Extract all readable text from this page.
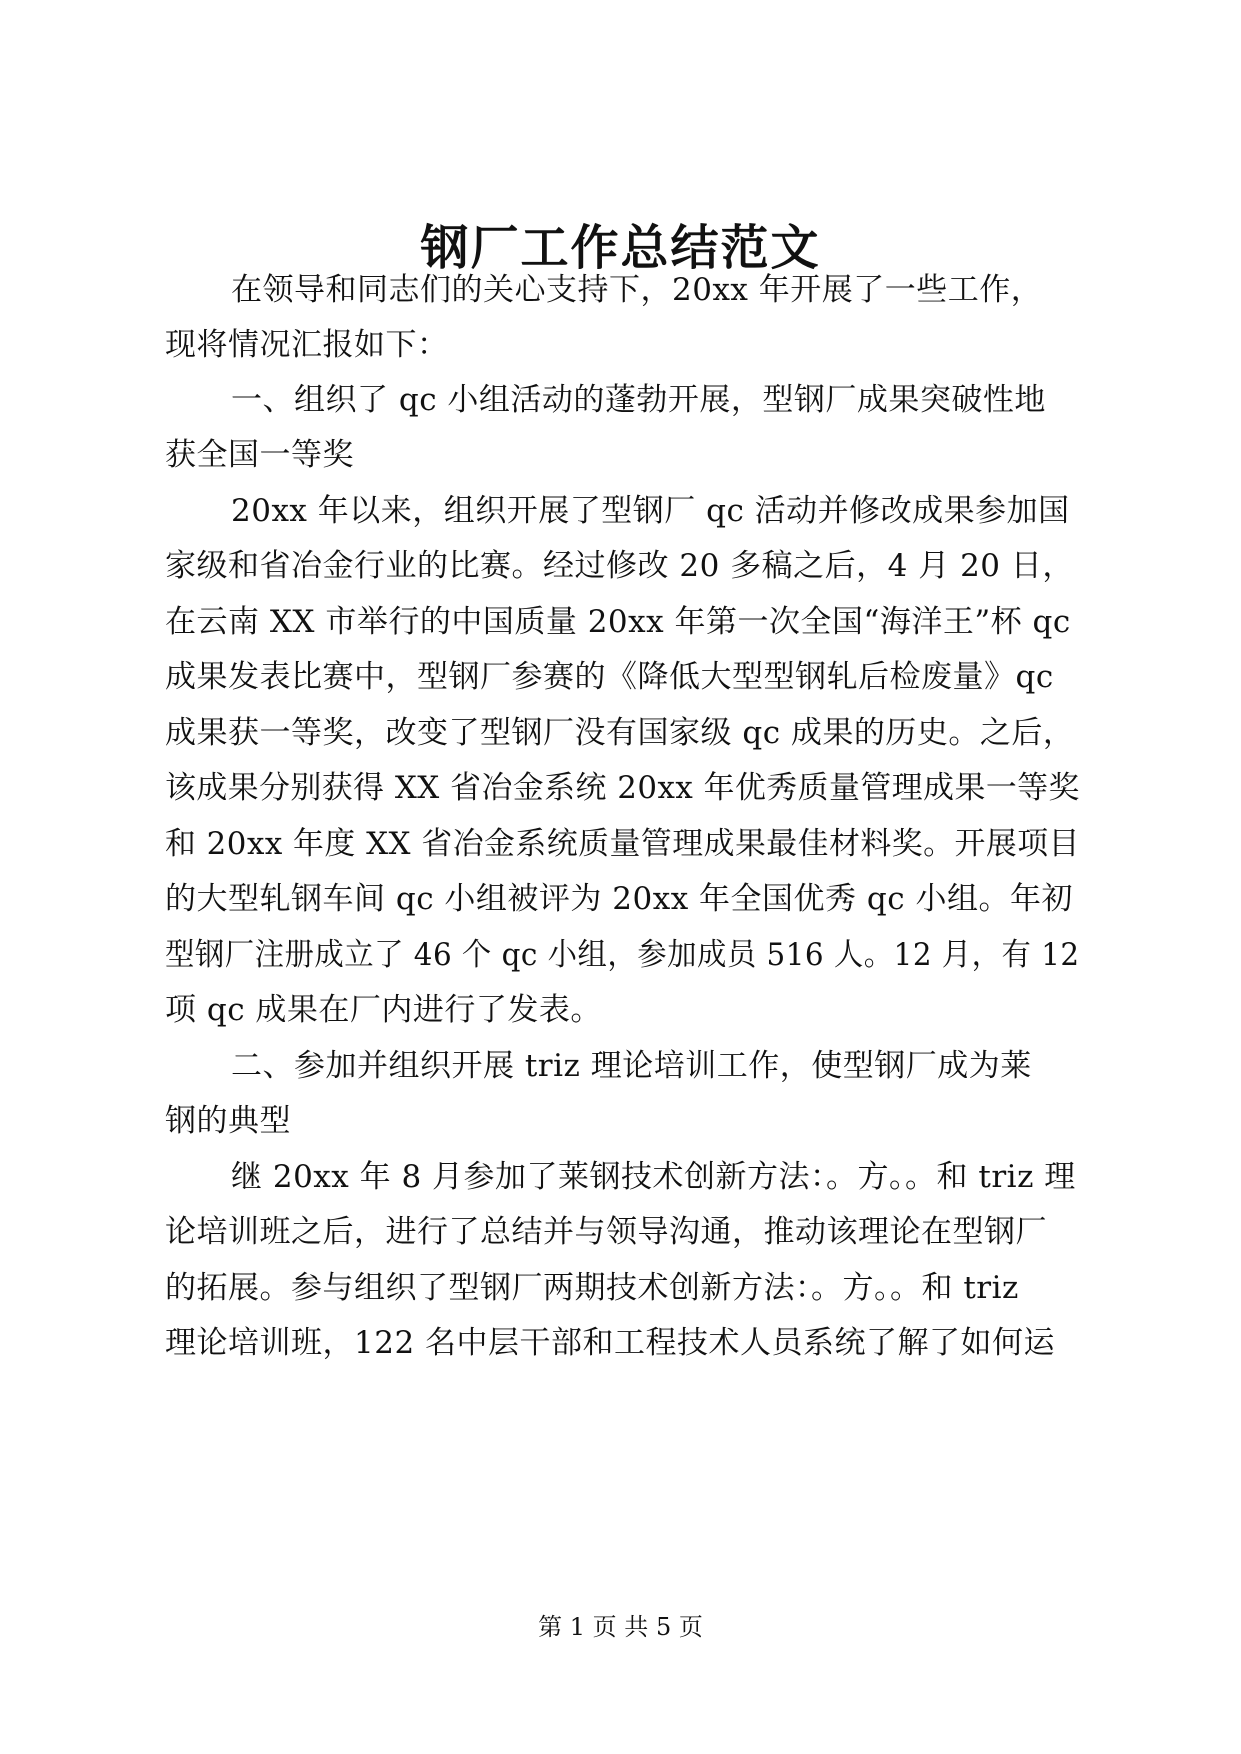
钢厂工作总结范文

在领导和同志们的关心支持下，20xx 年开展了一些工作，

现将情况汇报如下：

一、组织了 qc 小组活动的蓬勃开展，型钢厂成果突破性地

获全国一等奖

20xx 年以来，组织开展了型钢厂 qc 活动并修改成果参加国

家级和省冶金行业的比赛。经过修改 20 多稿之后，4 月 20 日，

在云南 XX 市举行的中国质量 20xx 年第一次全国“海洋王”杯 qc

成果发表比赛中，型钢厂参赛的《降低大型型钢轧后检废量》qc

成果获一等奖，改变了型钢厂没有国家级 qc 成果的历史。之后，

该成果分别获得 XX 省冶金系统 20xx 年优秀质量管理成果一等奖

和 20xx 年度 XX 省冶金系统质量管理成果最佳材料奖。开展项目

的大型轧钢车间 qc 小组被评为 20xx 年全国优秀 qc 小组。年初

型钢厂注册成立了 46 个 qc 小组，参加成员 516 人。12 月，有 12

项 qc 成果在厂内进行了发表。

二、参加并组织开展 triz 理论培训工作，使型钢厂成为莱

钢的典型

继 20xx 年 8 月参加了莱钢技术创新方法：。方。。和 triz 理

论培训班之后，进行了总结并与领导沟通，推动该理论在型钢厂

的拓展。参与组织了型钢厂两期技术创新方法：。方。。和 triz

理论培训班，122 名中层干部和工程技术人员系统了解了如何运

第 1 页 共 5 页
